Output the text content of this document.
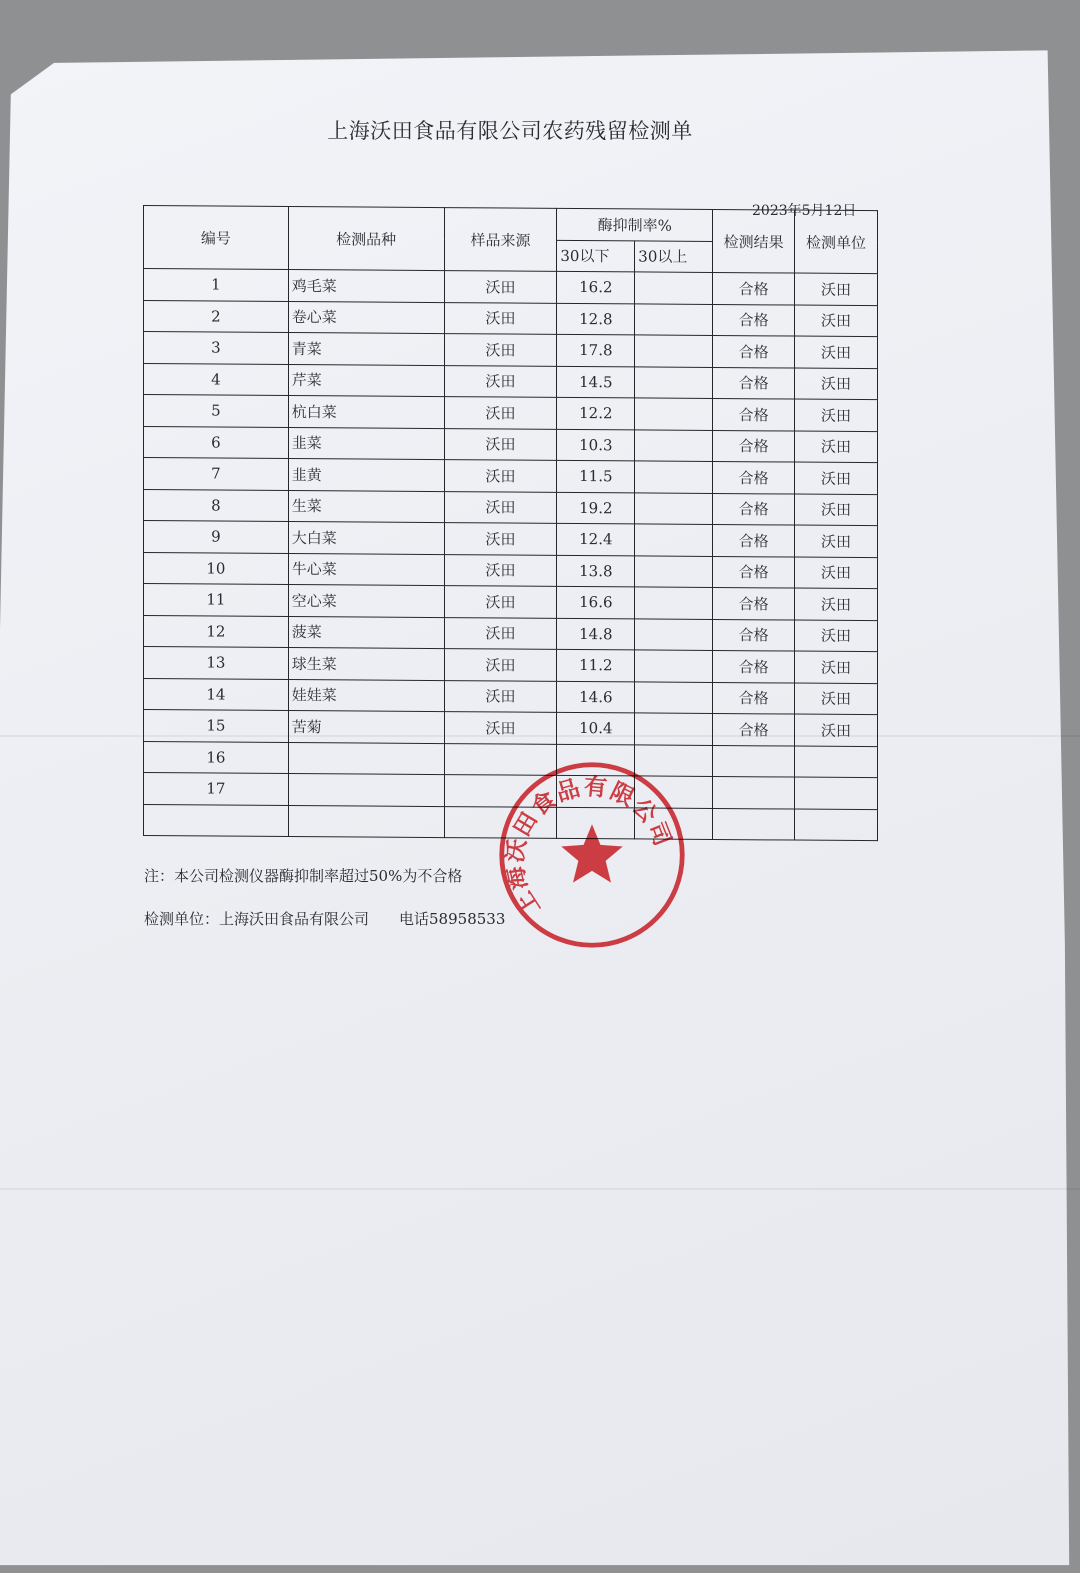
上海沃田食品有限公司农药残留检测单
2023年5月12日
编号	检测品种	样品来源	酶抑制率%		检测结果	检测单位
			30以下	30以上		
1	鸡毛菜	沃田	16.2		合格	沃田
2	卷心菜	沃田	12.8		合格	沃田
3	青菜	沃田	17.8		合格	沃田
4	芹菜	沃田	14.5		合格	沃田
5	杭白菜	沃田	12.2		合格	沃田
6	韭菜	沃田	10.3		合格	沃田
7	韭黄	沃田	11.5		合格	沃田
8	生菜	沃田	19.2		合格	沃田
9	大白菜	沃田	12.4		合格	沃田
10	牛心菜	沃田	13.8		合格	沃田
11	空心菜	沃田	16.6		合格	沃田
12	菠菜	沃田	14.8		合格	沃田
13	球生菜	沃田	11.2		合格	沃田
14	娃娃菜	沃田	14.6		合格	沃田
15	苦菊	沃田	10.4		合格	沃田
16						
17						

注：本公司检测仪器酶抑制率超过50%为不合格
检测单位：上海沃田食品有限公司 电话58958533 上海沃田食品有限公司
